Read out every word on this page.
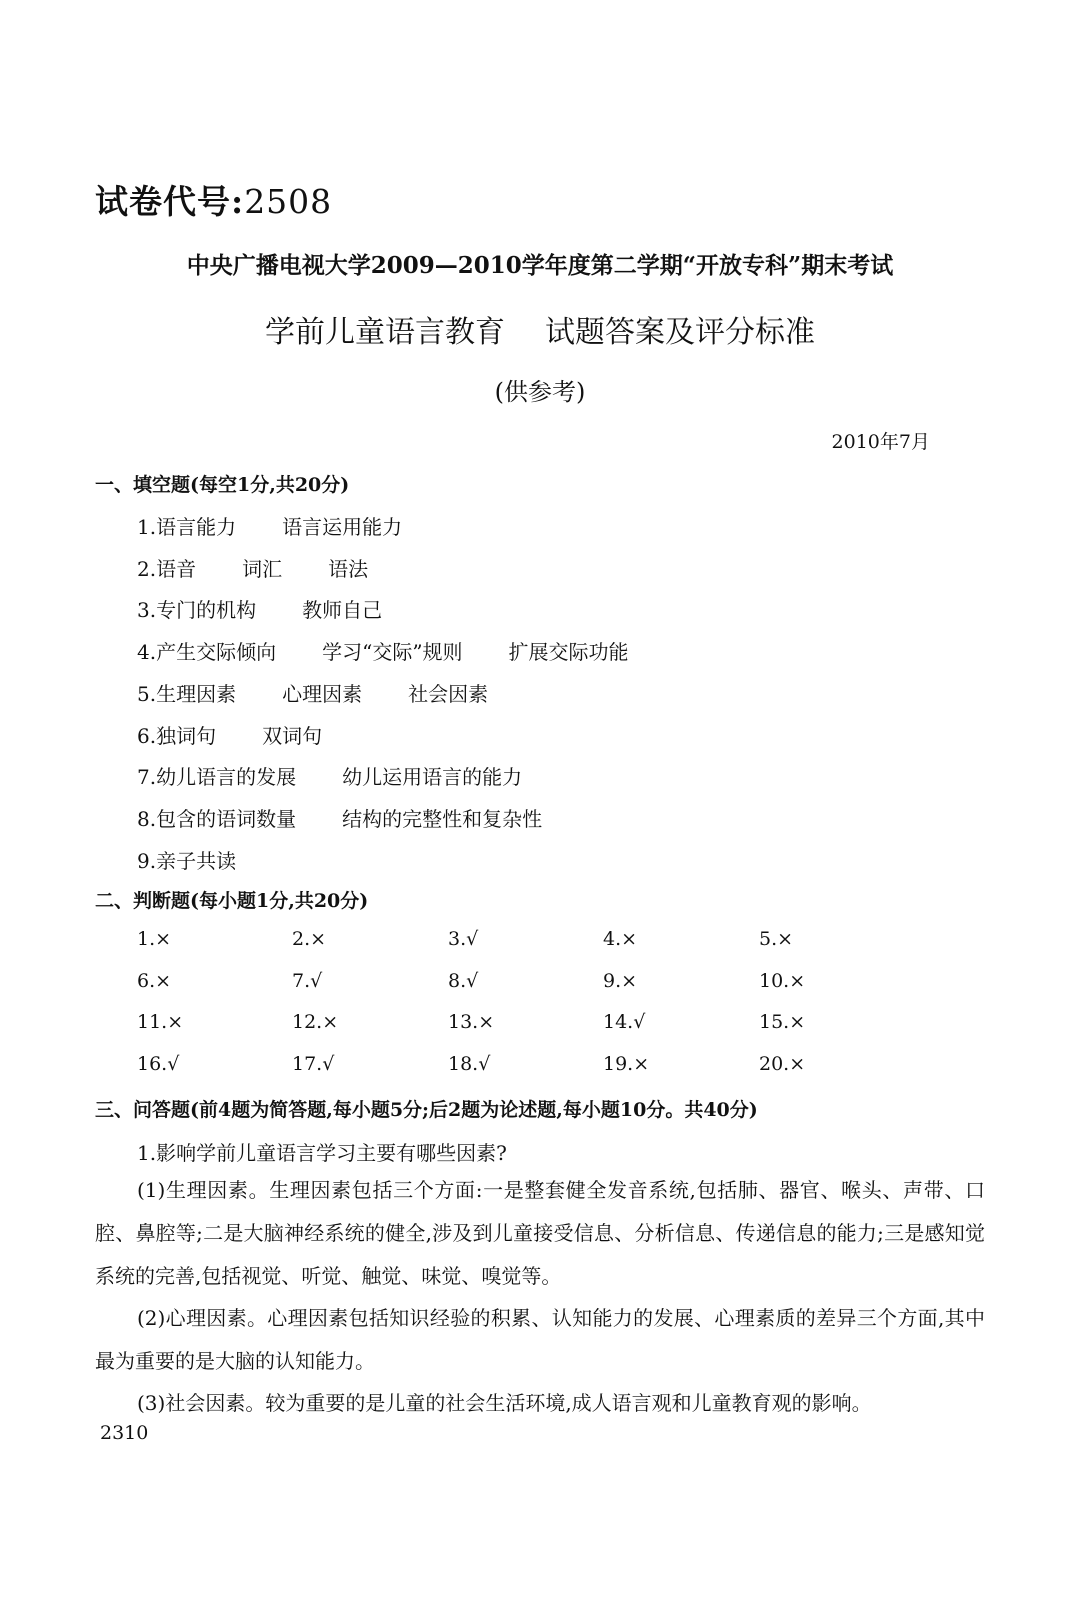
试卷代号:2508
中央广播电视大学2009—2010学年度第二学期“开放专科”期末考试
学前儿童语言教育 试题答案及评分标准
(供参考)
2010年7月
一、填空题(每空1分,共20分)
1.语言能力 语言运用能力
2.语音 词汇 语法
3.专门的机构 教师自己
4.产生交际倾向 学习“交际”规则 扩展交际功能
5.生理因素 心理因素 社会因素
6.独词句 双词句
7.幼儿语言的发展 幼儿运用语言的能力
8.包含的语词数量 结构的完整性和复杂性
9.亲子共读
二、判断题(每小题1分,共20分)
1.×	2.×	3.√	4.×	5.×
6.×	7.√	8.√	9.×	10.×
11.×	12.×	13.×	14.√	15.×
16.√	17.√	18.√	19.×	20.×
三、问答题(前4题为简答题,每小题5分;后2题为论述题,每小题10分。共40分)
1.影响学前儿童语言学习主要有哪些因素?
(1)生理因素。生理因素包括三个方面:一是整套健全发音系统,包括肺、器官、喉头、声带、口腔、鼻腔等;二是大脑神经系统的健全,涉及到儿童接受信息、分析信息、传递信息的能力;三是感知觉系统的完善,包括视觉、听觉、触觉、味觉、嗅觉等。
(2)心理因素。心理因素包括知识经验的积累、认知能力的发展、心理素质的差异三个方面,其中最为重要的是大脑的认知能力。
(3)社会因素。较为重要的是儿童的社会生活环境,成人语言观和儿童教育观的影响。
2310
